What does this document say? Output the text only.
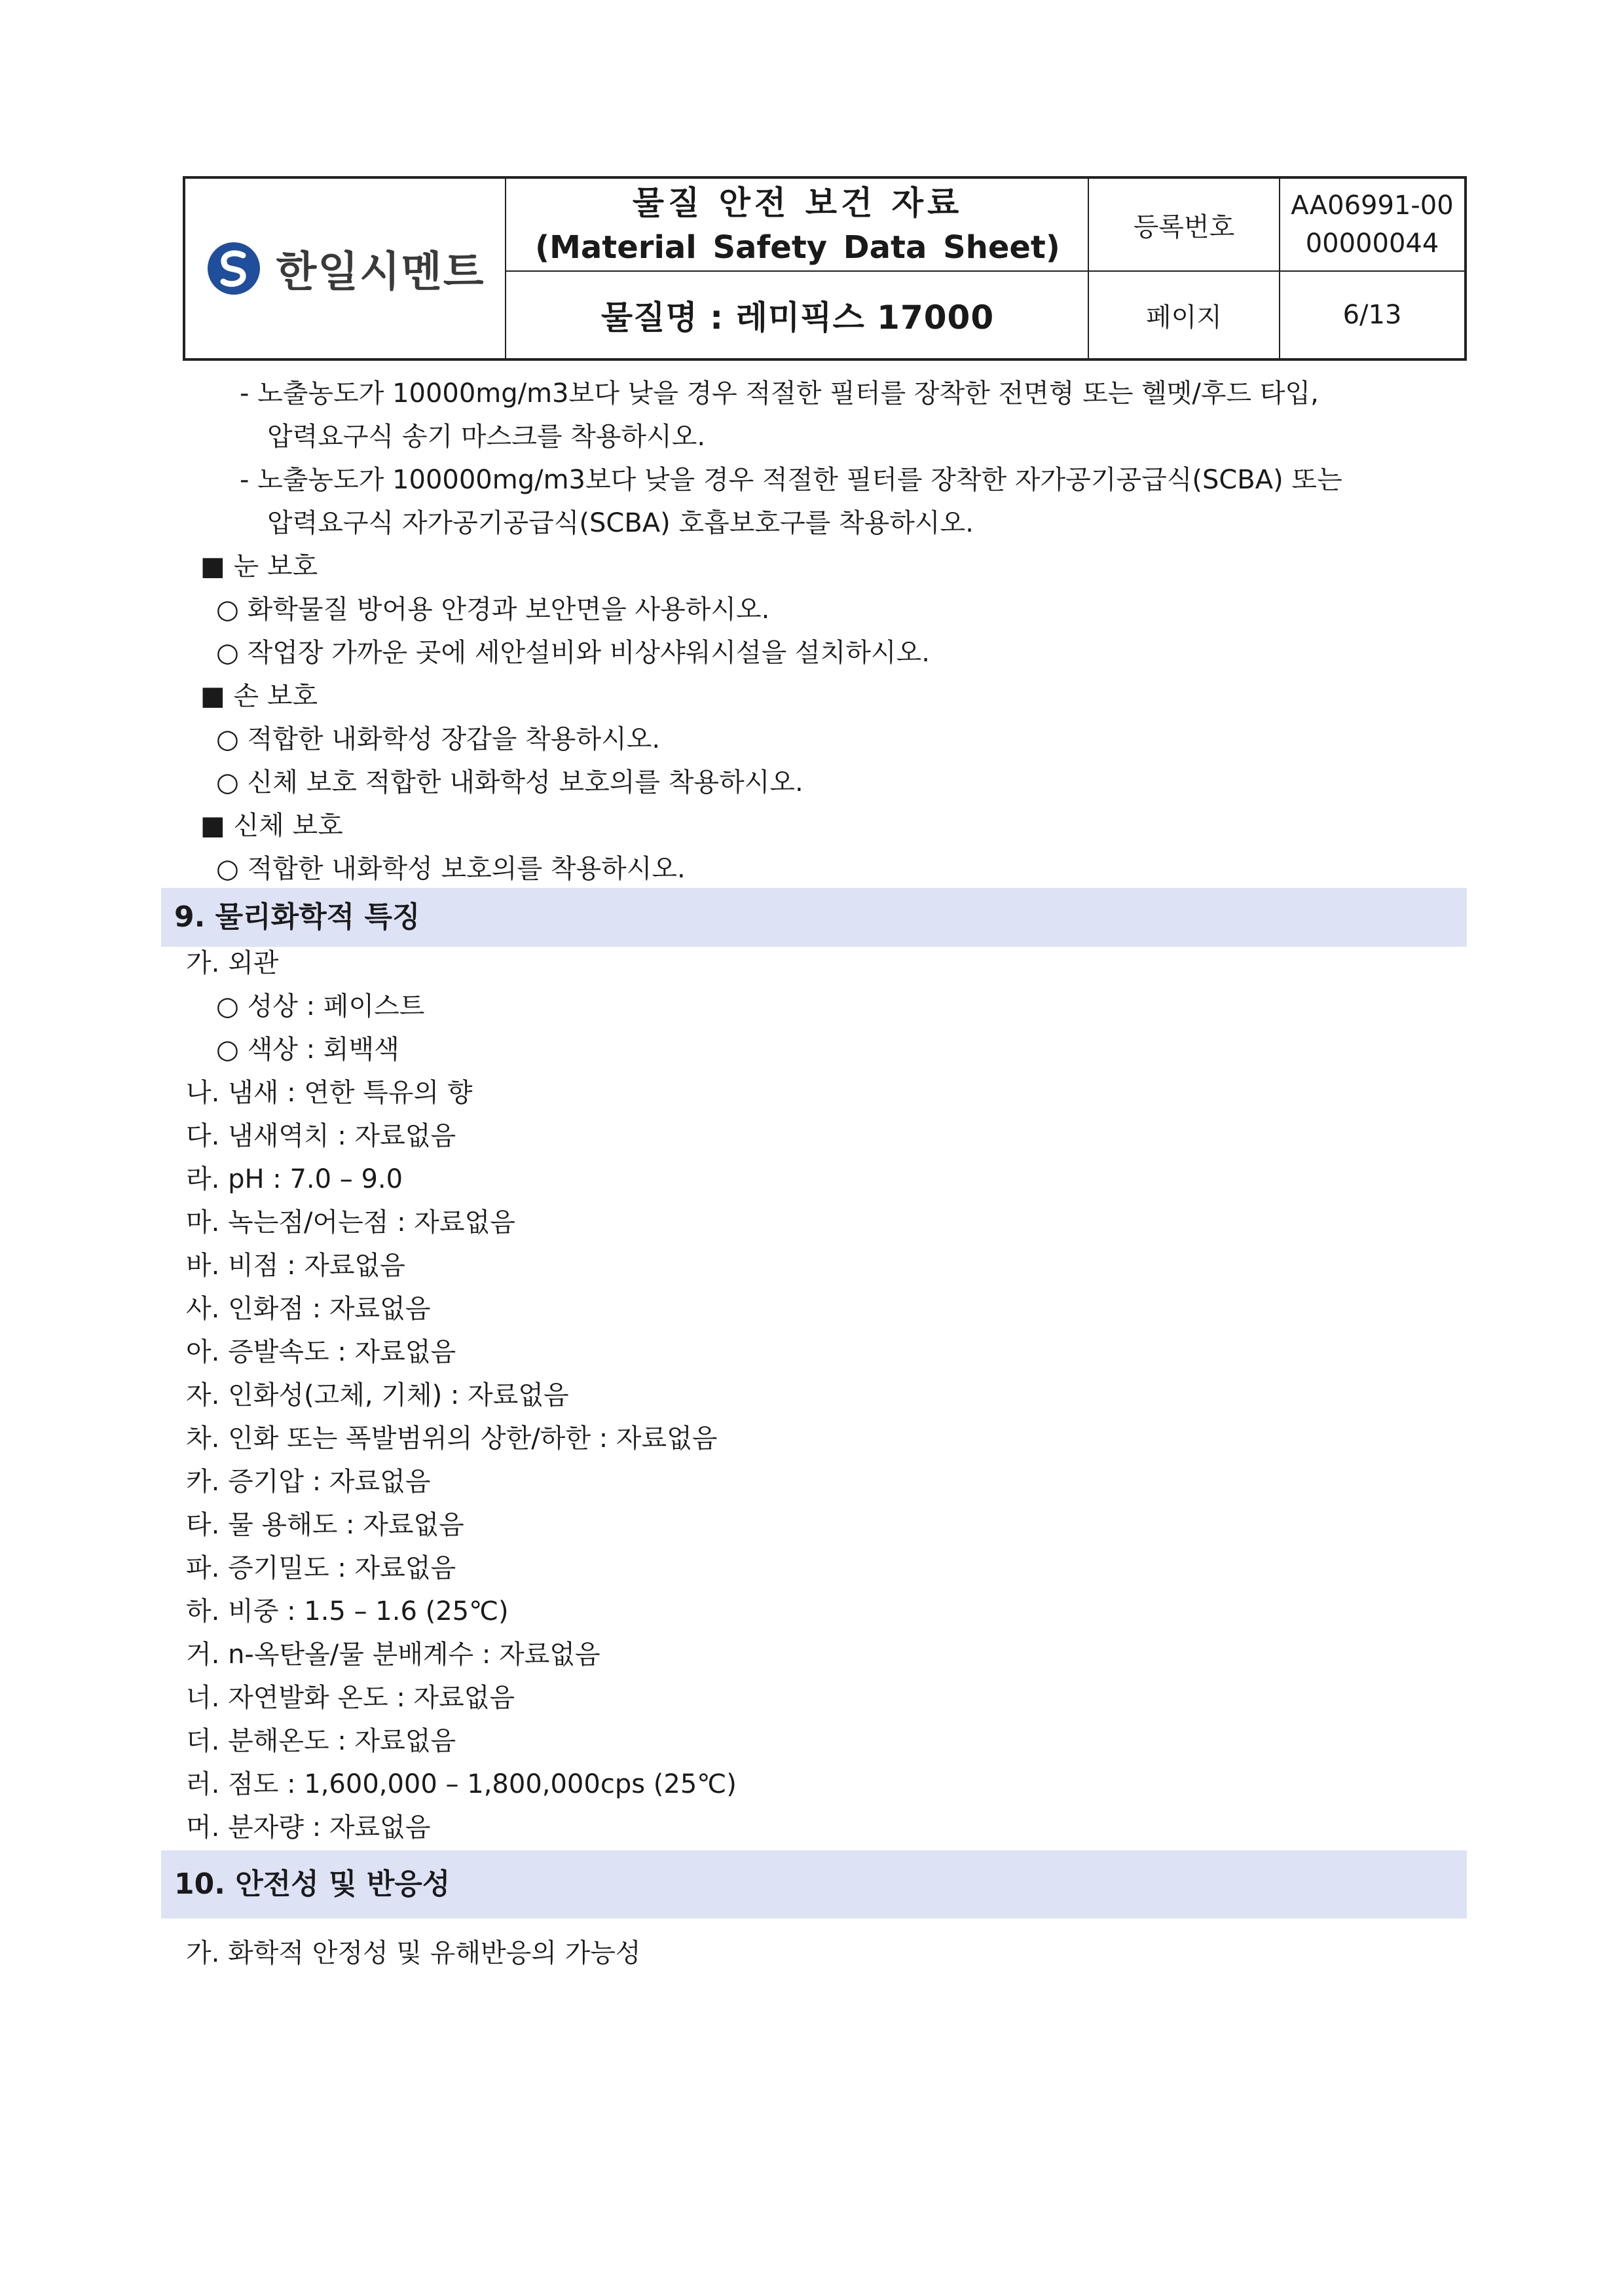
한일시멘트
물질 안전 보건 자료
(Material Safety Data Sheet)
물질명 : 레미픽스 17000
등록번호
AA06991-00
00000044
페이지	6/13
- 노출농도가 10000mg/m3보다 낮을 경우 적절한 필터를 장착한 전면형 또는 헬멧/후드 타입,
압력요구식 송기 마스크를 착용하시오.
- 노출농도가 100000mg/m3보다 낮을 경우 적절한 필터를 장착한 자가공기공급식(SCBA) 또는
압력요구식 자가공기공급식(SCBA) 호흡보호구를 착용하시오.
■ 눈 보호
○ 화학물질 방어용 안경과 보안면을 사용하시오.
○ 작업장 가까운 곳에 세안설비와 비상샤워시설을 설치하시오.
■ 손 보호
○ 적합한 내화학성 장갑을 착용하시오.
○ 신체 보호 적합한 내화학성 보호의를 착용하시오.
■ 신체 보호
○ 적합한 내화학성 보호의를 착용하시오.
9. 물리화학적 특징
가. 외관
○ 성상 : 페이스트
○ 색상 : 회백색
나. 냄새 : 연한 특유의 향
다. 냄새역치 : 자료없음
라. pH : 7.0 – 9.0
마. 녹는점/어는점 : 자료없음
바. 비점 : 자료없음
사. 인화점 : 자료없음
아. 증발속도 : 자료없음
자. 인화성(고체, 기체) : 자료없음
차. 인화 또는 폭발범위의 상한/하한 : 자료없음
카. 증기압 : 자료없음
타. 물 용해도 : 자료없음
파. 증기밀도 : 자료없음
하. 비중 : 1.5 – 1.6 (25℃)
거. n-옥탄올/물 분배계수 : 자료없음
너. 자연발화 온도 : 자료없음
더. 분해온도 : 자료없음
러. 점도 : 1,600,000 – 1,800,000cps (25℃)
머. 분자량 : 자료없음
10. 안전성 및 반응성
가. 화학적 안정성 및 유해반응의 가능성
